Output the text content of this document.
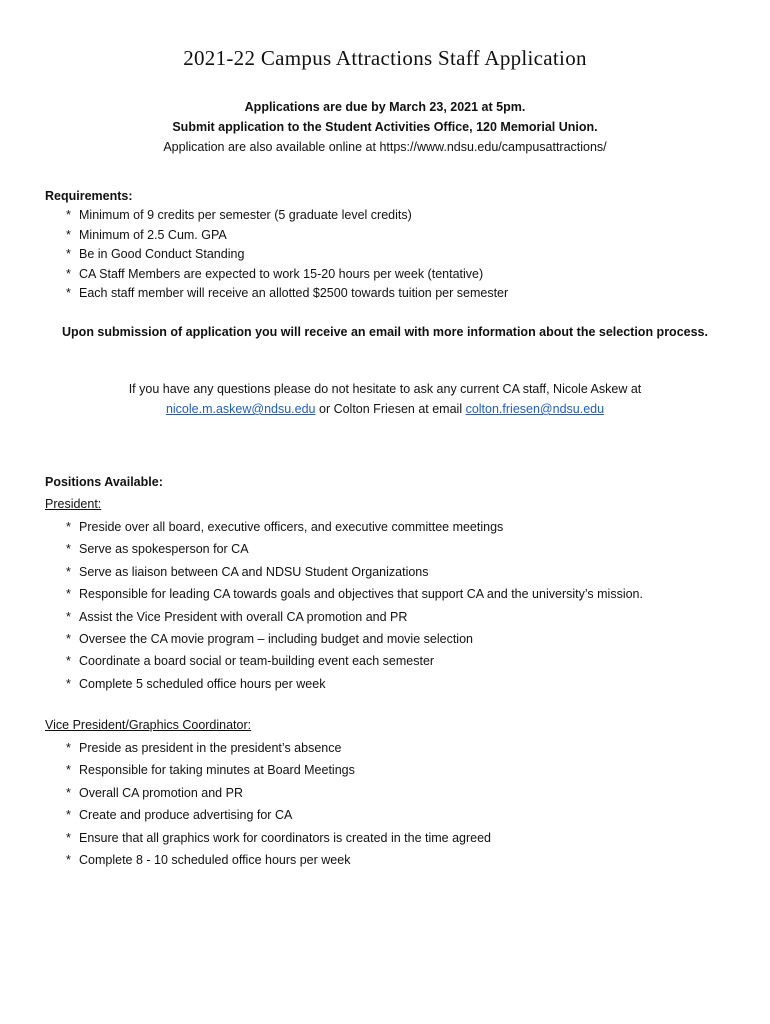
2021-22 Campus Attractions Staff Application
Applications are due by March 23, 2021 at 5pm.
Submit application to the Student Activities Office, 120 Memorial Union.
Application are also available online at https://www.ndsu.edu/campusattractions/
Requirements:
* Minimum of 9 credits per semester (5 graduate level credits)
* Minimum of 2.5 Cum. GPA
* Be in Good Conduct Standing
* CA Staff Members are expected to work 15-20 hours per week (tentative)
* Each staff member will receive an allotted $2500 towards tuition per semester
Upon submission of application you will receive an email with more information about the selection process.
If you have any questions please do not hesitate to ask any current CA staff, Nicole Askew at
nicole.m.askew@ndsu.edu or Colton Friesen at email colton.friesen@ndsu.edu
Positions Available:
President:
* Preside over all board, executive officers, and executive committee meetings
* Serve as spokesperson for CA
* Serve as liaison between CA and NDSU Student Organizations
* Responsible for leading CA towards goals and objectives that support CA and the university’s mission.
* Assist the Vice President with overall CA promotion and PR
* Oversee the CA movie program – including budget and movie selection
* Coordinate a board social or team-building event each semester
* Complete 5 scheduled office hours per week
Vice President/Graphics Coordinator:
* Preside as president in the president’s absence
* Responsible for taking minutes at Board Meetings
* Overall CA promotion and PR
* Create and produce advertising for CA
* Ensure that all graphics work for coordinators is created in the time agreed
* Complete 8 - 10 scheduled office hours per week
